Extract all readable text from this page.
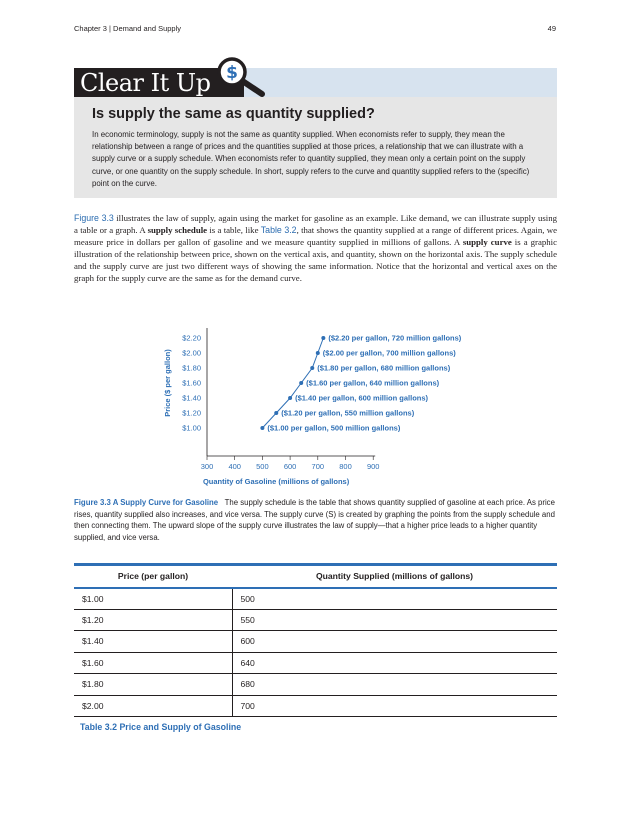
Chapter 3 | Demand and Supply	49
Clear It Up $
Is supply the same as quantity supplied?
In economic terminology, supply is not the same as quantity supplied. When economists refer to supply, they mean the relationship between a range of prices and the quantities supplied at those prices, a relationship that we can illustrate with a supply curve or a supply schedule. When economists refer to quantity supplied, they mean only a certain point on the supply curve, or one quantity on the supply schedule. In short, supply refers to the curve and quantity supplied refers to the (specific) point on the curve.
Figure 3.3 illustrates the law of supply, again using the market for gasoline as an example. Like demand, we can illustrate supply using a table or a graph. A supply schedule is a table, like Table 3.2, that shows the quantity supplied at a range of different prices. Again, we measure price in dollars per gallon of gasoline and we measure quantity supplied in millions of gallons. A supply curve is a graphic illustration of the relationship between price, shown on the vertical axis, and quantity, shown on the horizontal axis. The supply schedule and the supply curve are just two different ways of showing the same information. Notice that the horizontal and vertical axes on the graph for the supply curve are the same as for the demand curve.
300 400 500 600 700 800 900
$1.00
$1.20
$1.40
$1.60
$1.80
$2.00
$2.20
Quantity of Gasoline (millions of gallons)
Price ($ per gallon)
($1.00 per gallon, 500 million gallons)
($1.20 per gallon, 550 million gallons)
($1.40 per gallon, 600 million gallons)
($1.60 per gallon, 640 million gallons)
($1.80 per gallon, 680 million gallons)
($2.00 per gallon, 700 million gallons)
($2.20 per gallon, 720 million gallons)
Figure 3.3 A Supply Curve for Gasoline The supply schedule is the table that shows quantity supplied of gasoline at each price. As price rises, quantity supplied also increases, and vice versa. The supply curve (S) is created by graphing the points from the supply schedule and then connecting them. The upward slope of the supply curve illustrates the law of supply—that a higher price leads to a higher quantity supplied, and vice versa.
Price (per gallon)	Quantity Supplied (millions of gallons)
$1.00	500
$1.20	550
$1.40	600
$1.60	640
$1.80	680
$2.00	700
Table 3.2 Price and Supply of Gasoline
